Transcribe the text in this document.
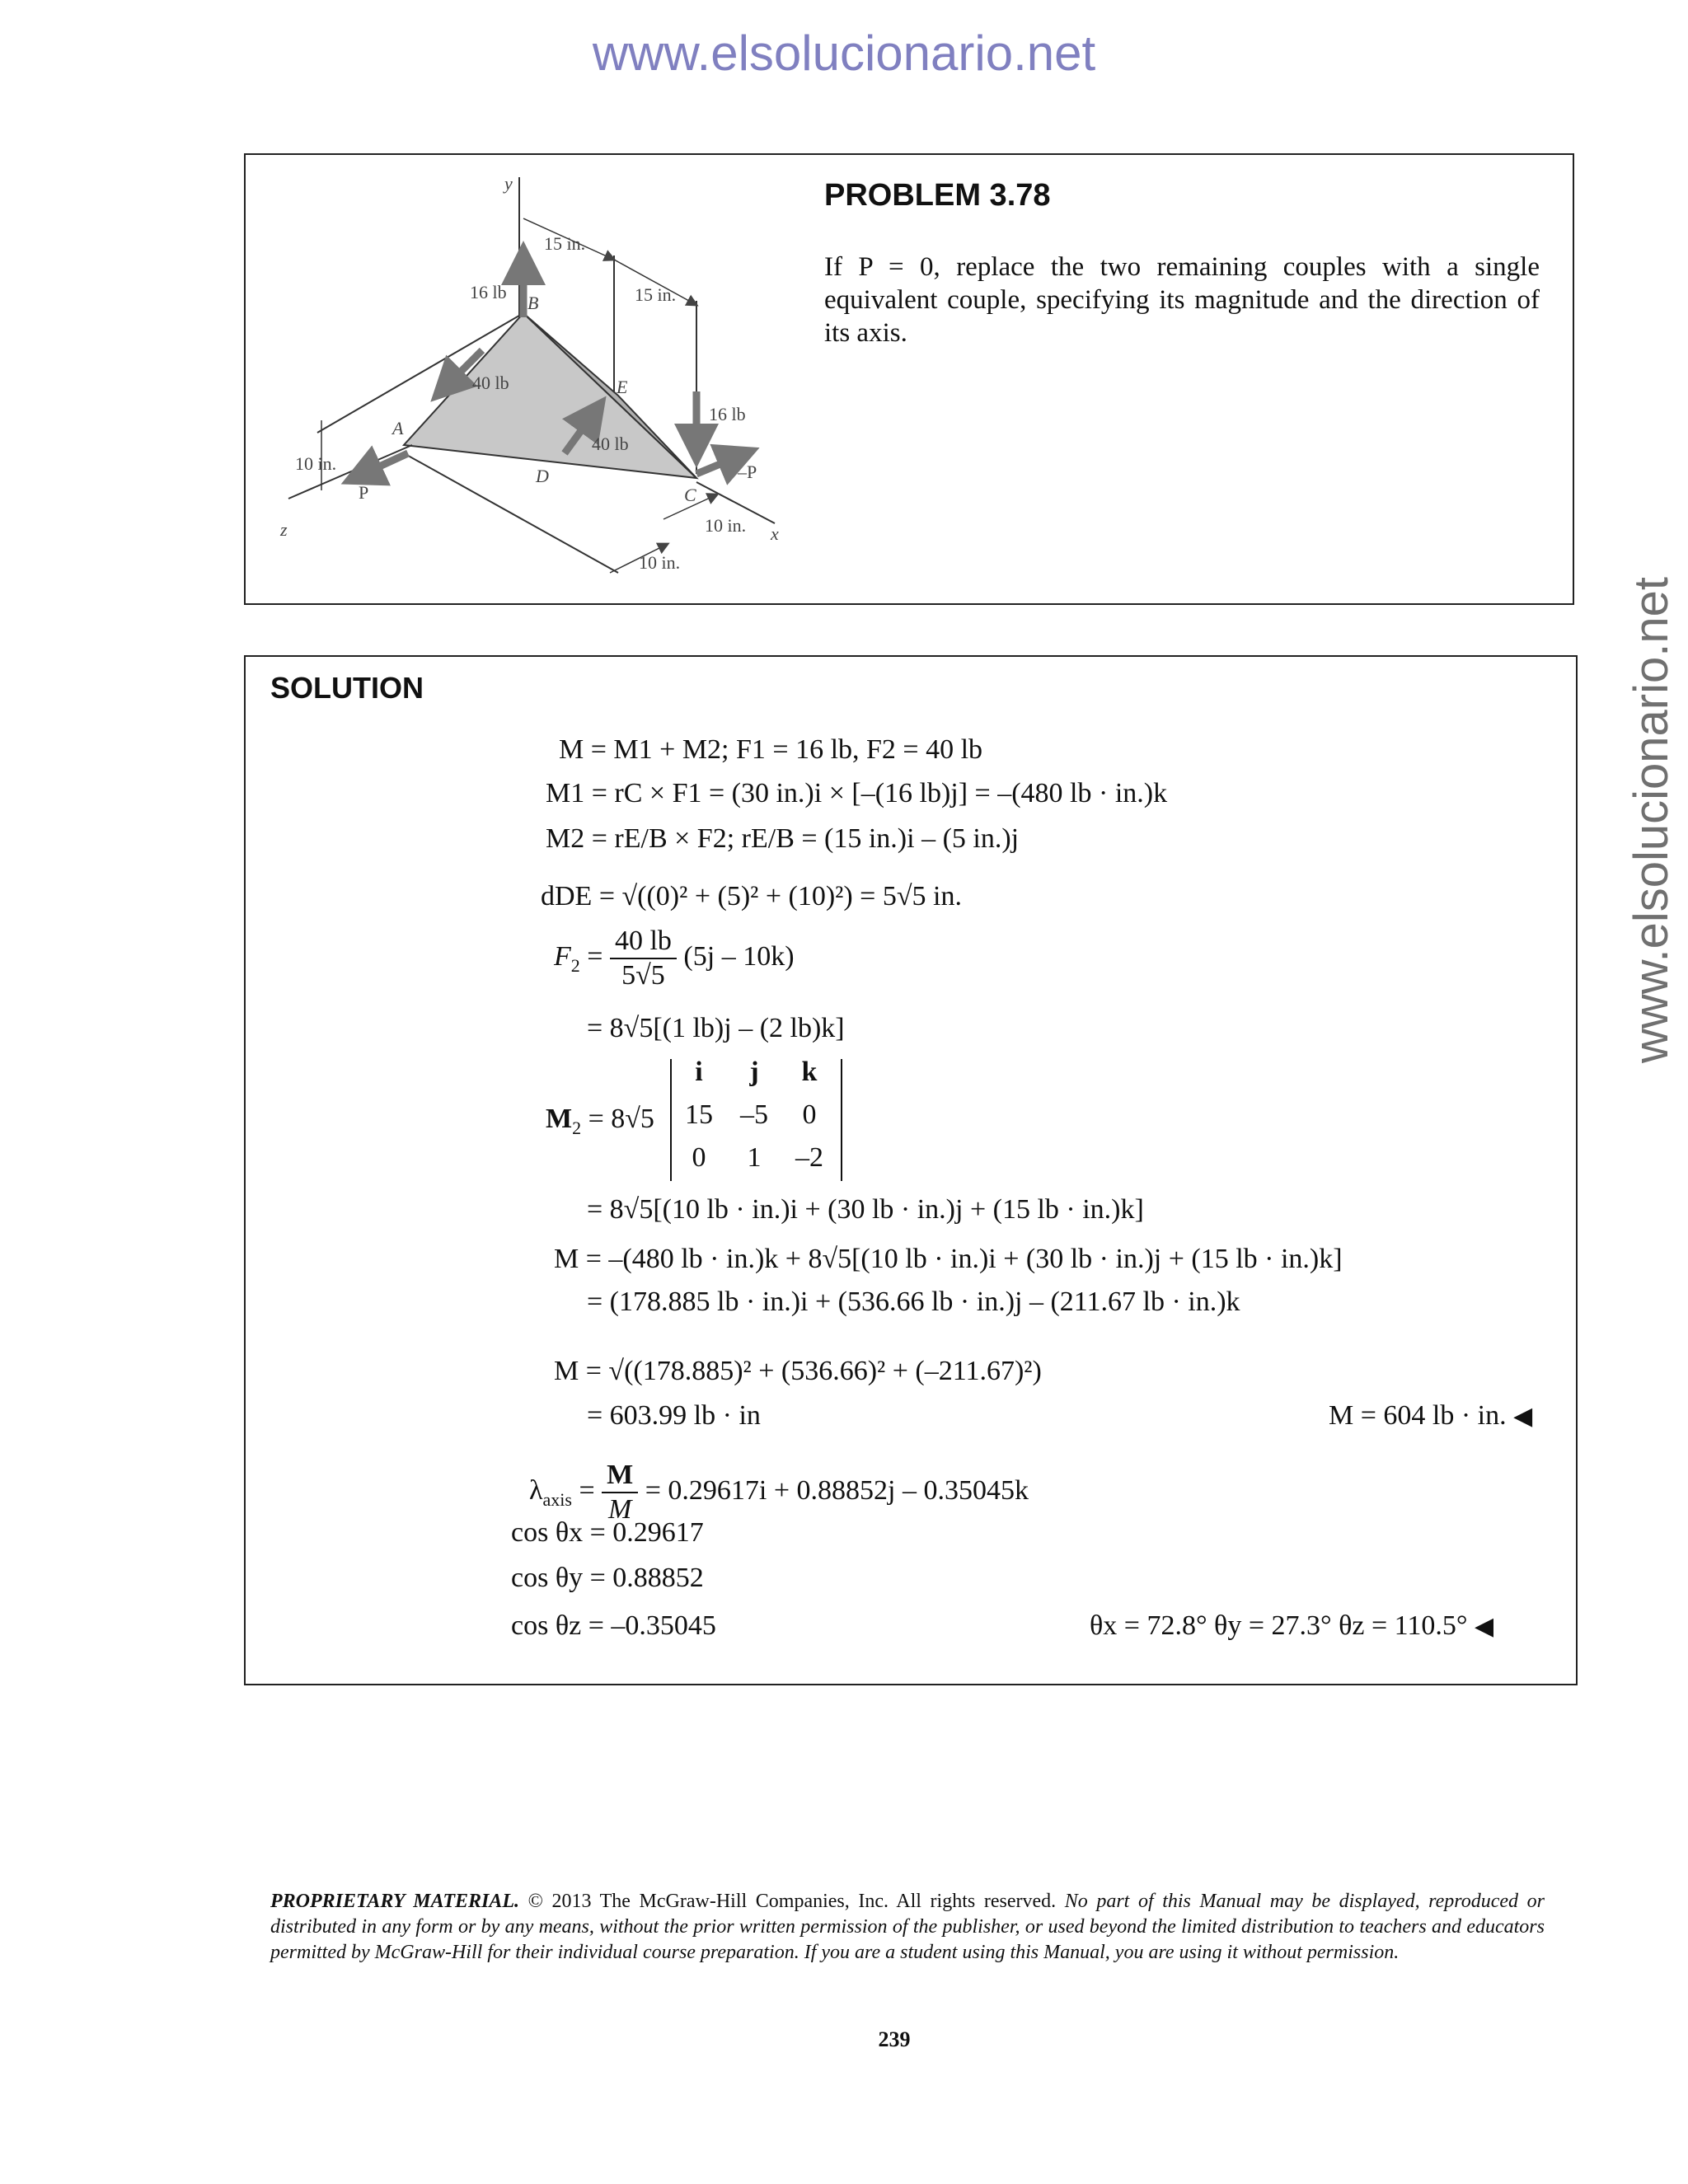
www.elsolucionario.net
www.elsolucionario.net
y
B
A
E
D
C
x
z
P
–P
15 in.
15 in.
10 in.
10 in.
10 in.
16 lb
16 lb
40 lb
40 lb
PROBLEM 3.78
If P = 0, replace the two remaining couples with a single equivalent couple, specifying its magnitude and the direction of its axis.
SOLUTION
M = M1 + M2; F1 = 16 lb, F2 = 40 lb
M1 = rC × F1 = (30 in.)i × [–(16 lb)j] = –(480 lb · in.)k
M2 = rE/B × F2; rE/B = (15 in.)i – (5 in.)j
dDE = √((0)² + (5)² + (10)²) = 5√5 in.
$F_2 = \frac{40 lb}{5√5} (5j - 10k)$
= 8√5[(1 lb)j – (2 lb)k]
$M_2 = 8√5$
i	j	k
15 –5	0
0	1	–2
= 8√5[(10 lb · in.)i + (30 lb · in.)j + (15 lb · in.)k]
M = –(480 lb · in.)k + 8√5[(10 lb · in.)i + (30 lb · in.)j + (15 lb · in.)k]
= (178.885 lb · in.)i + (536.66 lb · in.)j – (211.67 lb · in.)k
M = √((178.885)² + (536.66)² + (–211.67)²)
= 603.99 lb · in	M = 604 lb · in. ◀
$\lambda_{axis} = \frac{M}{M} = 0.29617i + 0.88852j - 0.35045k$
cos θx = 0.29617
cos θy = 0.88852
cos θz = –0.35045	θx = 72.8° θy = 27.3° θz = 110.5° ◀
PROPRIETARY MATERIAL. © 2013 The McGraw-Hill Companies, Inc. All rights reserved. No part of this Manual may be displayed, reproduced or distributed in any form or by any means, without the prior written permission of the publisher, or used beyond the limited distribution to teachers and educators permitted by McGraw-Hill for their individual course preparation. If you are a student using this Manual, you are using it without permission.
239
